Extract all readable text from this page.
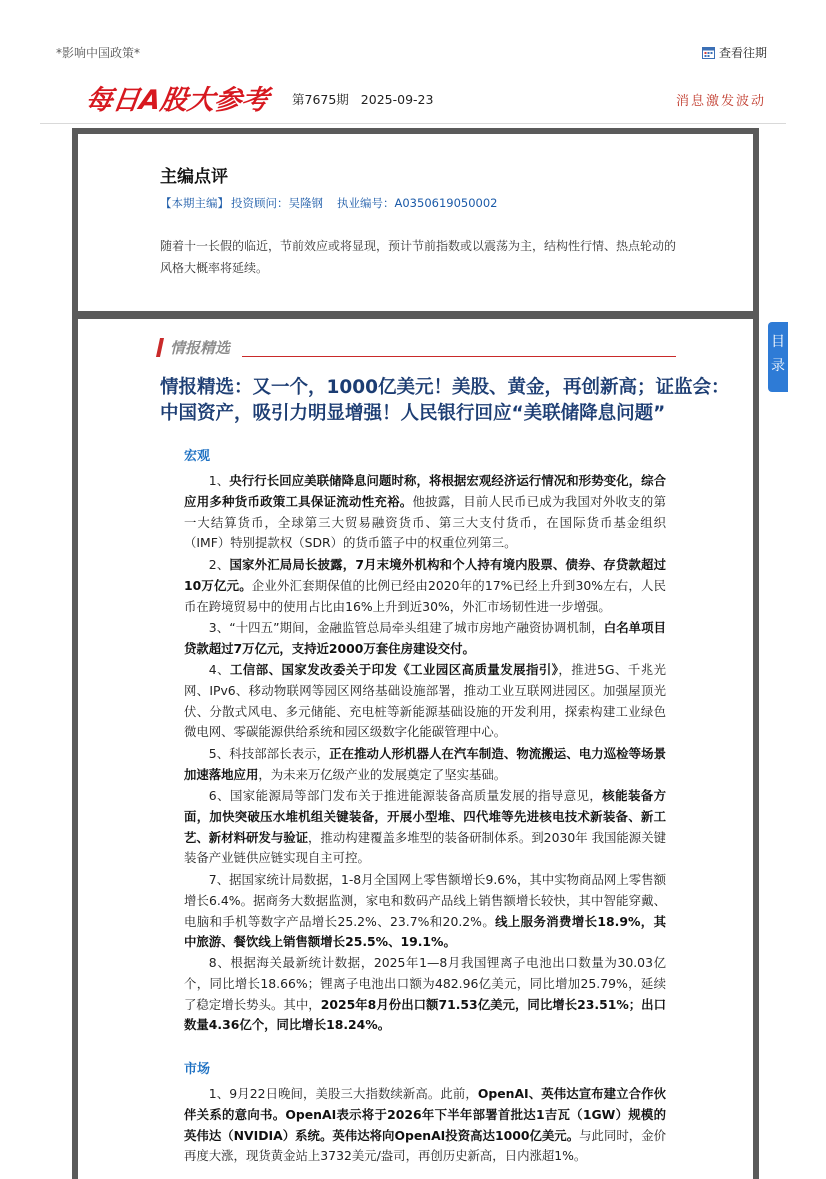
*影响中国政策*	查看往期
每日A股大参考 第7675期 2025-09-23	消息激发波动
主编点评
【本期主编】 投资顾问：吴隆钢 执业编号：A0350619050002
随着十一长假的临近，节前效应或将显现，预计节前指数或以震荡为主，结构性行情、热点轮动的风格大概率将延续。
情报精选
情报精选：又一个，1000亿美元！美股、黄金，再创新高；证监会：中国资产，吸引力明显增强！人民银行回应“美联储降息问题”
宏观
1、央行行长回应美联储降息问题时称，将根据宏观经济运行情况和形势变化，综合应用多种货币政策工具保证流动性充裕。他披露，目前人民币已成为我国对外收支的第一大结算货币，全球第三大贸易融资货币、第三大支付货币，在国际货币基金组织（IMF）特别提款权（SDR）的货币篮子中的权重位列第三。
2、国家外汇局局长披露，7月末境外机构和个人持有境内股票、债券、存贷款超过10万亿元。企业外汇套期保值的比例已经由2020年的17%已经上升到30%左右，人民币在跨境贸易中的使用占比由16%上升到近30%，外汇市场韧性进一步增强。
3、“十四五”期间，金融监管总局牵头组建了城市房地产融资协调机制，白名单项目贷款超过7万亿元，支持近2000万套住房建设交付。
4、工信部、国家发改委关于印发《工业园区高质量发展指引》，推进5G、千兆光网、IPv6、移动物联网等园区网络基础设施部署，推动工业互联网进园区。加强屋顶光伏、分散式风电、多元储能、充电桩等新能源基础设施的开发利用，探索构建工业绿色微电网、零碳能源供给系统和园区级数字化能碳管理中心。
5、科技部部长表示，正在推动人形机器人在汽车制造、物流搬运、电力巡检等场景加速落地应用，为未来万亿级产业的发展奠定了坚实基础。
6、国家能源局等部门发布关于推进能源装备高质量发展的指导意见，核能装备方面，加快突破压水堆机组关键装备，开展小型堆、四代堆等先进核电技术新装备、新工艺、新材料研发与验证，推动构建覆盖多堆型的装备研制体系。到2030年 我国能源关键装备产业链供应链实现自主可控。
7、据国家统计局数据，1-8月全国网上零售额增长9.6%，其中实物商品网上零售额增长6.4%。据商务大数据监测，家电和数码产品线上销售额增长较快，其中智能穿戴、电脑和手机等数字产品增长25.2%、23.7%和20.2%。线上服务消费增长18.9%，其中旅游、餐饮线上销售额增长25.5%、19.1%。
8、根据海关最新统计数据，2025年1—8月我国锂离子电池出口数量为30.03亿个，同比增长18.66%；锂离子电池出口额为482.96亿美元，同比增加25.79%，延续了稳定增长势头。其中，2025年8月份出口额71.53亿美元，同比增长23.51%；出口数量4.36亿个，同比增长18.24%。
市场
1、9月22日晚间，美股三大指数续新高。此前，OpenAI、英伟达宣布建立合作伙伴关系的意向书。OpenAI表示将于2026年下半年部署首批达1吉瓦（1GW）规模的英伟达（NVIDIA）系统。英伟达将向OpenAI投资高达1000亿美元。与此同时，金价再度大涨，现货黄金站上3732美元/盎司，再创历史新高，日内涨超1%。
目录
